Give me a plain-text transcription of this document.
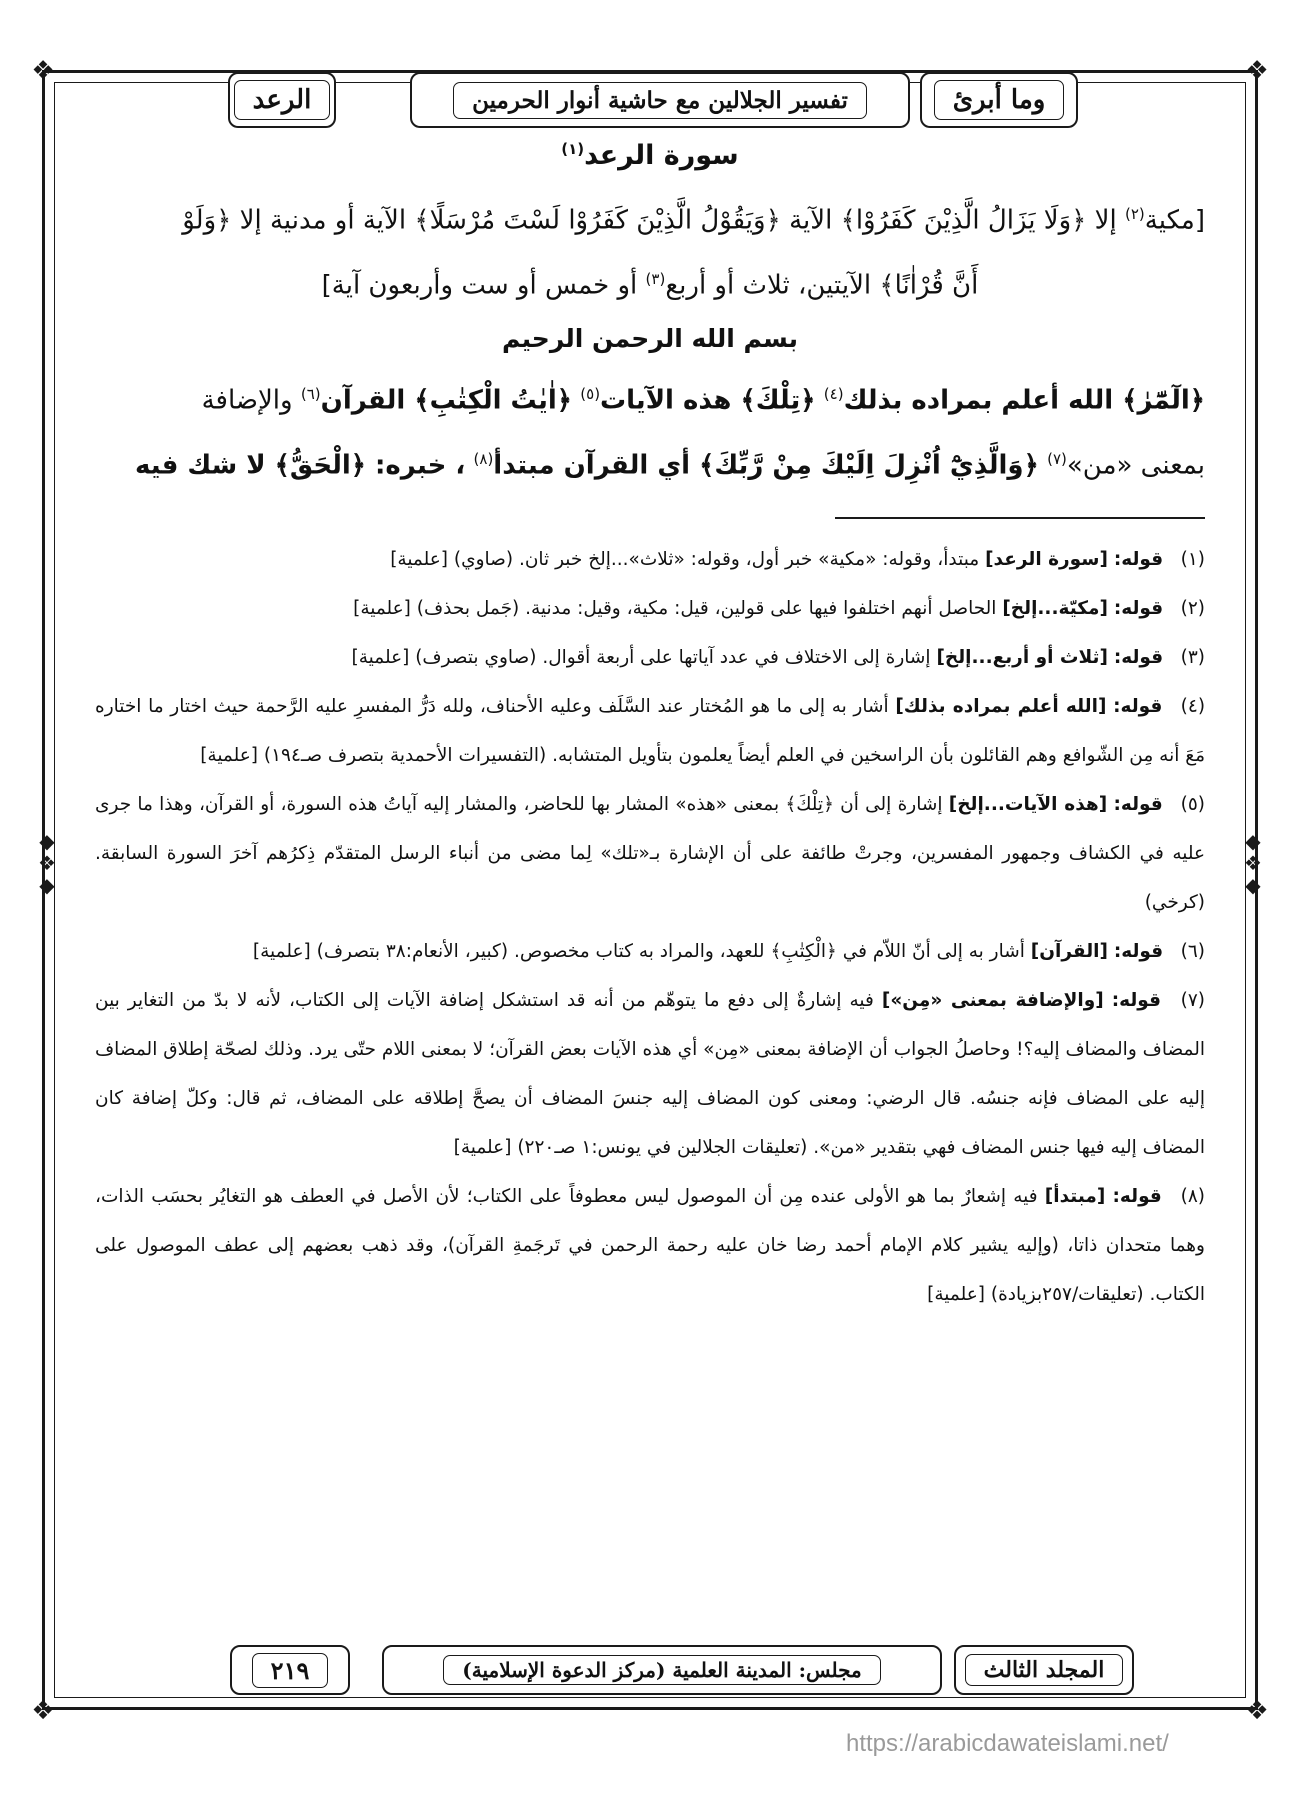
❖	❖
❖	❖
◆
❖
◆
◆
❖
◆
الرعد	تفسير الجلالين مع حاشية أنوار الحرمين	وما أبرئ
سورة الرعد$^{(١)}$

[مكية$^{(٢)}$ إلا ﴿وَلَا يَزَالُ الَّذِيْنَ كَفَرُوْا﴾ الآية ﴿وَيَقُوْلُ الَّذِيْنَ كَفَرُوْا لَسْتَ مُرْسَلًا﴾ الآية أو مدنية إلا ﴿وَلَوْ

أَنَّ قُرْاٰنًا﴾ الآيتين، ثلاث أو أربع$^{(٣)}$ أو خمس أو ست وأربعون آية]

بسم الله الرحمن الرحيم

﴿الٓمّٓرٰ﴾ الله أعلم بمراده بذلك$^{(٤)}$ ﴿تِلْكَ﴾ هذه الآيات$^{(٥)}$ ﴿اٰيٰتُ الْكِتٰبِ﴾ القرآن$^{(٦)}$ والإضافة

بمعنى «من»$^{(٧)}$ ﴿وَالَّذِيْٓ اُنْزِلَ اِلَيْكَ مِنْ رَّبِّكَ﴾ أي القرآن مبتدأ$^{(٨)}$ ، خبره: ﴿الْحَقُّ﴾ لا شك فيه

(١) قوله: [سورة الرعد] مبتدأ، وقوله: «مكية» خبر أول، وقوله: «ثلاث»...إلخ خبر ثان. (صاوي) [علمية]

(٢) قوله: [مكيّة...إلخ] الحاصل أنهم اختلفوا فيها على قولين، قيل: مكية، وقيل: مدنية. (جَمل بحذف) [علمية]

(٣) قوله: [ثلاث أو أربع...إلخ] إشارة إلى الاختلاف في عدد آياتها على أربعة أقوال. (صاوي بتصرف) [علمية]

(٤) قوله: [الله أعلم بمراده بذلك] أشار به إلى ما هو المُختار عند السَّلَف وعليه الأحناف، ولله دَرُّ المفسرِ عليه الرَّحمة حيث اختار ما اختاره مَعَ أنه مِن الشّوافع وهم القائلون بأن الراسخين في العلم أيضاً يعلمون بتأويل المتشابه. (التفسيرات الأحمدية بتصرف صـ١٩٤) [علمية]

(٥) قوله: [هذه الآيات...إلخ] إشارة إلى أن ﴿تِلْكَ﴾ بمعنى «هذه» المشار بها للحاضر، والمشار إليه آياتُ هذه السورة، أو القرآن، وهذا ما جرى عليه في الكشاف وجمهور المفسرين، وجرتْ طائفة على أن الإشارة بـ«تلك» لِما مضى من أنباء الرسل المتقدّم ذِكرُهم آخرَ السورة السابقة. (كرخي)

(٦) قوله: [القرآن] أشار به إلى أنّ اللاّم في ﴿الْكِتٰبِ﴾ للعهد، والمراد به كتاب مخصوص. (كبير، الأنعام:٣٨ بتصرف) [علمية]

(٧) قوله: [والإضافة بمعنى «مِن»] فيه إشارةٌ إلى دفع ما يتوهّم من أنه قد استشكل إضافة الآيات إلى الكتاب، لأنه لا بدّ من التغاير بين المضاف والمضاف إليه؟! وحاصلُ الجواب أن الإضافة بمعنى «مِن» أي هذه الآيات بعض القرآن؛ لا بمعنى اللام حتّى يرد. وذلك لصحّة إطلاق المضاف إليه على المضاف فإنه جنسُه. قال الرضي: ومعنى كون المضاف إليه جنسَ المضاف أن يصحَّ إطلاقه على المضاف، ثم قال: وكلّ إضافة كان المضاف إليه فيها جنس المضاف فهي بتقدير «من». (تعليقات الجلالين في يونس:١ صـ٢٢٠) [علمية]

(٨) قوله: [مبتدأ] فيه إشعارٌ بما هو الأولى عنده مِن أن الموصول ليس معطوفاً على الكتاب؛ لأن الأصل في العطف هو التغايُر بحسَب الذات، وهما متحدان ذاتا، (وإليه يشير كلام الإمام أحمد رضا خان عليه رحمة الرحمن في تَرجَمةِ القرآن)، وقد ذهب بعضهم إلى عطف الموصول على الكتاب. (تعليقات/٢٥٧بزيادة) [علمية]

٢١٩	مجلس: المدينة العلمية (مركز الدعوة الإسلامية)	المجلد الثالث
https://arabicdawateislami.net/
